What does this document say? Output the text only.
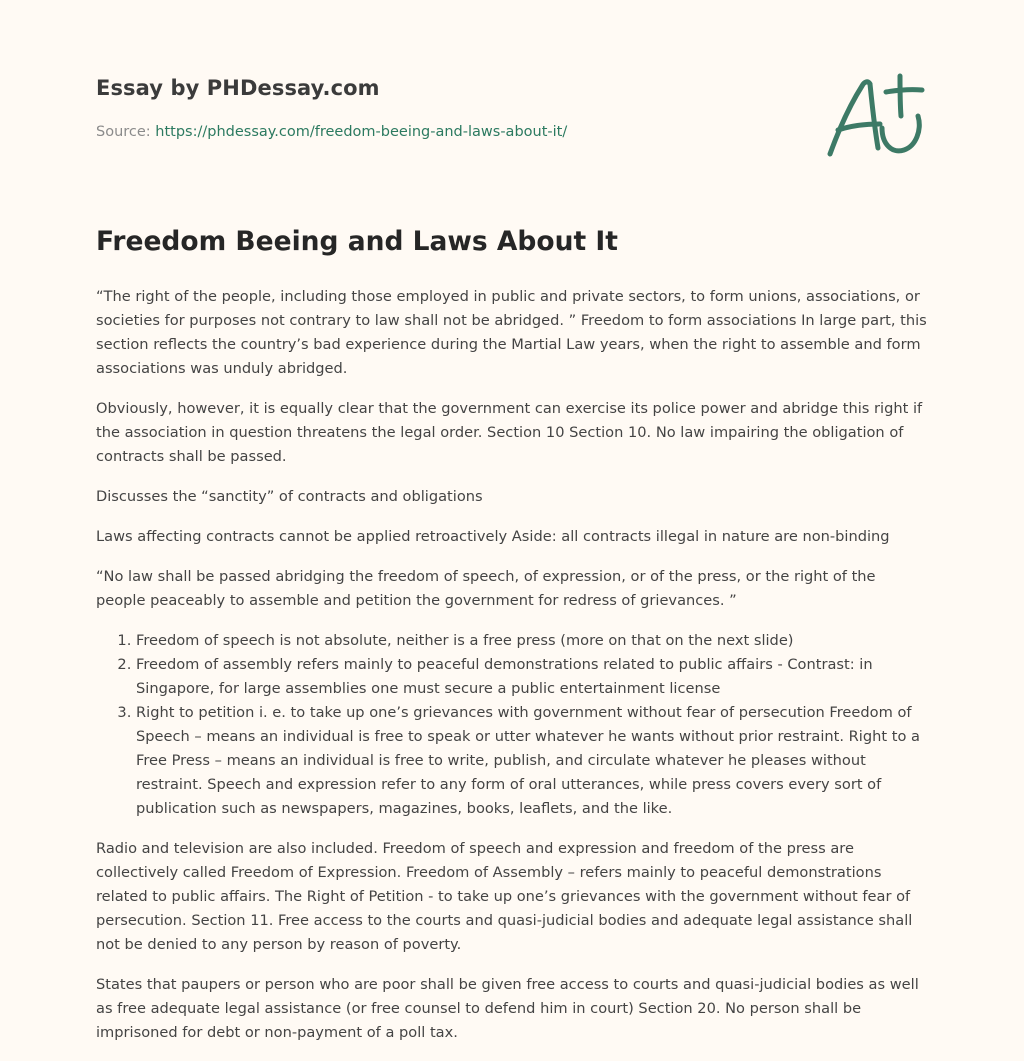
Essay by PHDessay.com
Source: https://phdessay.com/freedom-beeing-and-laws-about-it/
Freedom Beeing and Laws About It

“The right of the people, including those employed in public and private sectors, to form unions, associations, or societies for purposes not contrary to law shall not be abridged. ” Freedom to form associations In large part, this section reflects the country’s bad experience during the Martial Law years, when the right to assemble and form associations was unduly abridged.

Obviously, however, it is equally clear that the government can exercise its police power and abridge this right if the association in question threatens the legal order. Section 10 Section 10. No law impairing the obligation of contracts shall be passed.

Discusses the “sanctity” of contracts and obligations

Laws affecting contracts cannot be applied retroactively Aside: all contracts illegal in nature are non-binding

“No law shall be passed abridging the freedom of speech, of expression, or of the press, or the right of the people peaceably to assemble and petition the government for redress of grievances. ”

1. Freedom of speech is not absolute, neither is a free press (more on that on the next slide)
2. Freedom of assembly refers mainly to peaceful demonstrations related to public affairs - Contrast: in Singapore, for large assemblies one must secure a public entertainment license
3. Right to petition i. e. to take up one’s grievances with government without fear of persecution Freedom of Speech – means an individual is free to speak or utter whatever he wants without prior restraint. Right to a Free Press – means an individual is free to write, publish, and circulate whatever he pleases without restraint. Speech and expression refer to any form of oral utterances, while press covers every sort of publication such as newspapers, magazines, books, leaflets, and the like.

Radio and television are also included. Freedom of speech and expression and freedom of the press are collectively called Freedom of Expression. Freedom of Assembly – refers mainly to peaceful demonstrations related to public affairs. The Right of Petition - to take up one’s grievances with the government without fear of persecution. Section 11. Free access to the courts and quasi-judicial bodies and adequate legal assistance shall not be denied to any person by reason of poverty.

States that paupers or person who are poor shall be given free access to courts and quasi-judicial bodies as well as free adequate legal assistance (or free counsel to defend him in court) Section 20. No person shall be imprisoned for debt or non-payment of a poll tax.
